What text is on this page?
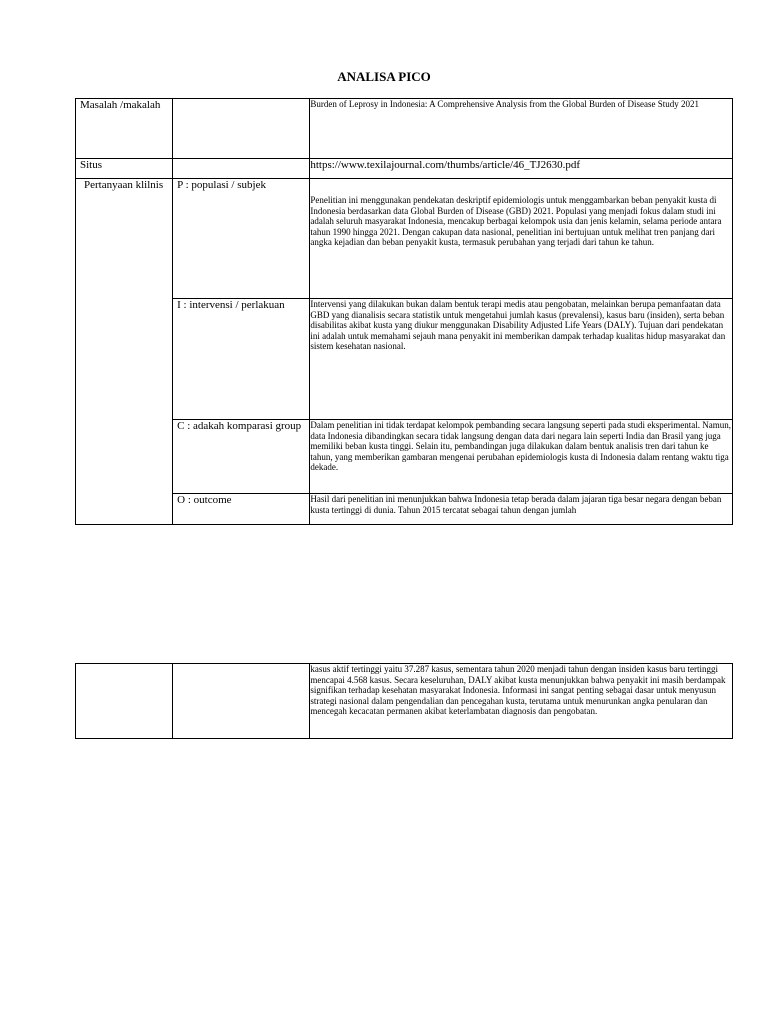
ANALISA PICO
Masalah /makalah		Burden of Leprosy in Indonesia: A Comprehensive Analysis from the Global Burden of Disease Study 2021

Situs		https://www.texilajournal.com/thumbs/article/46_TJ2630.pdf

Pertanyaan klilnis	P : populasi / subjek	Penelitian ini menggunakan pendekatan deskriptif epidemiologis untuk menggambarkan beban penyakit kusta di Indonesia berdasarkan data Global Burden of Disease (GBD) 2021. Populasi yang menjadi fokus dalam studi ini adalah seluruh masyarakat Indonesia, mencakup berbagai kelompok usia dan jenis kelamin, selama periode antara tahun 1990 hingga 2021. Dengan cakupan data nasional, penelitian ini bertujuan untuk melihat tren panjang dari angka kejadian dan beban penyakit kusta, termasuk perubahan yang terjadi dari tahun ke tahun.

	I : intervensi / perlakuan	Intervensi yang dilakukan bukan dalam bentuk terapi medis atau pengobatan, melainkan berupa pemanfaatan data GBD yang dianalisis secara statistik untuk mengetahui jumlah kasus (prevalensi), kasus baru (insiden), serta beban disabilitas akibat kusta yang diukur menggunakan Disability Adjusted Life Years (DALY). Tujuan dari pendekatan ini adalah untuk memahami sejauh mana penyakit ini memberikan dampak terhadap kualitas hidup masyarakat dan sistem kesehatan nasional.

	C : adakah komparasi group	Dalam penelitian ini tidak terdapat kelompok pembanding secara langsung seperti pada studi eksperimental. Namun, data Indonesia dibandingkan secara tidak langsung dengan data dari negara lain seperti India dan Brasil yang juga memiliki beban kusta tinggi. Selain itu, pembandingan juga dilakukan dalam bentuk analisis tren dari tahun ke tahun, yang memberikan gambaran mengenai perubahan epidemiologis kusta di Indonesia dalam rentang waktu tiga dekade.

	O : outcome	Hasil dari penelitian ini menunjukkan bahwa Indonesia tetap berada dalam jajaran tiga besar negara dengan beban kusta tertinggi di dunia. Tahun 2015 tercatat sebagai tahun dengan jumlah

kasus aktif tertinggi yaitu 37.287 kasus, sementara tahun 2020 menjadi tahun dengan insiden kasus baru tertinggi mencapai 4.568 kasus. Secara keseluruhan, DALY akibat kusta menunjukkan bahwa penyakit ini masih berdampak signifikan terhadap kesehatan masyarakat Indonesia. Informasi ini sangat penting sebagai dasar untuk menyusun strategi nasional dalam pengendalian dan pencegahan kusta, terutama untuk menurunkan angka penularan dan mencegah kecacatan permanen akibat keterlambatan diagnosis dan pengobatan.
